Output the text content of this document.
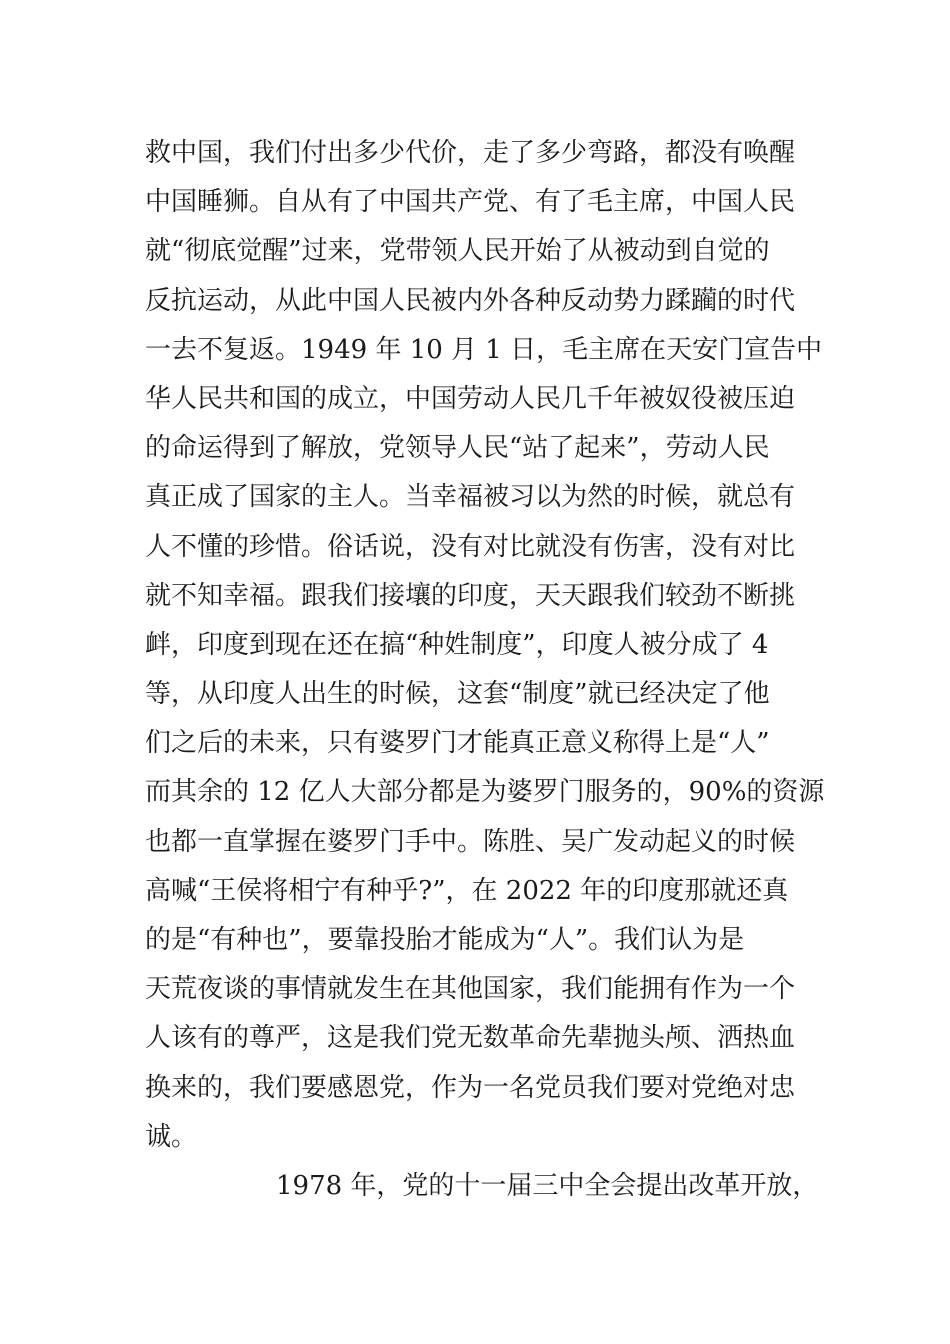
救中国，我们付出多少代价，走了多少弯路，都没有唤醒
中国睡狮。自从有了中国共产党、有了毛主席，中国人民
就“彻底觉醒”过来，党带领人民开始了从被动到自觉的
反抗运动，从此中国人民被内外各种反动势力蹂躏的时代
一去不复返。1949 年 10 月 1 日，毛主席在天安门宣告中
华人民共和国的成立，中国劳动人民几千年被奴役被压迫
的命运得到了解放，党领导人民“站了起来”，劳动人民
真正成了国家的主人。当幸福被习以为然的时候，就总有
人不懂的珍惜。俗话说，没有对比就没有伤害，没有对比
就不知幸福。跟我们接壤的印度，天天跟我们较劲不断挑
衅，印度到现在还在搞“种姓制度”，印度人被分成了 4
等，从印度人出生的时候，这套“制度”就已经决定了他
们之后的未来，只有婆罗门才能真正意义称得上是“人”
而其余的 12 亿人大部分都是为婆罗门服务的，90%的资源
也都一直掌握在婆罗门手中。陈胜、吴广发动起义的时候
高喊“王侯将相宁有种乎?”，在 2022 年的印度那就还真
的是“有种也”，要靠投胎才能成为“人”。我们认为是
天荒夜谈的事情就发生在其他国家，我们能拥有作为一个
人该有的尊严，这是我们党无数革命先辈抛头颅、洒热血
换来的，我们要感恩党，作为一名党员我们要对党绝对忠
诚。
1978 年，党的十一届三中全会提出改革开放，
